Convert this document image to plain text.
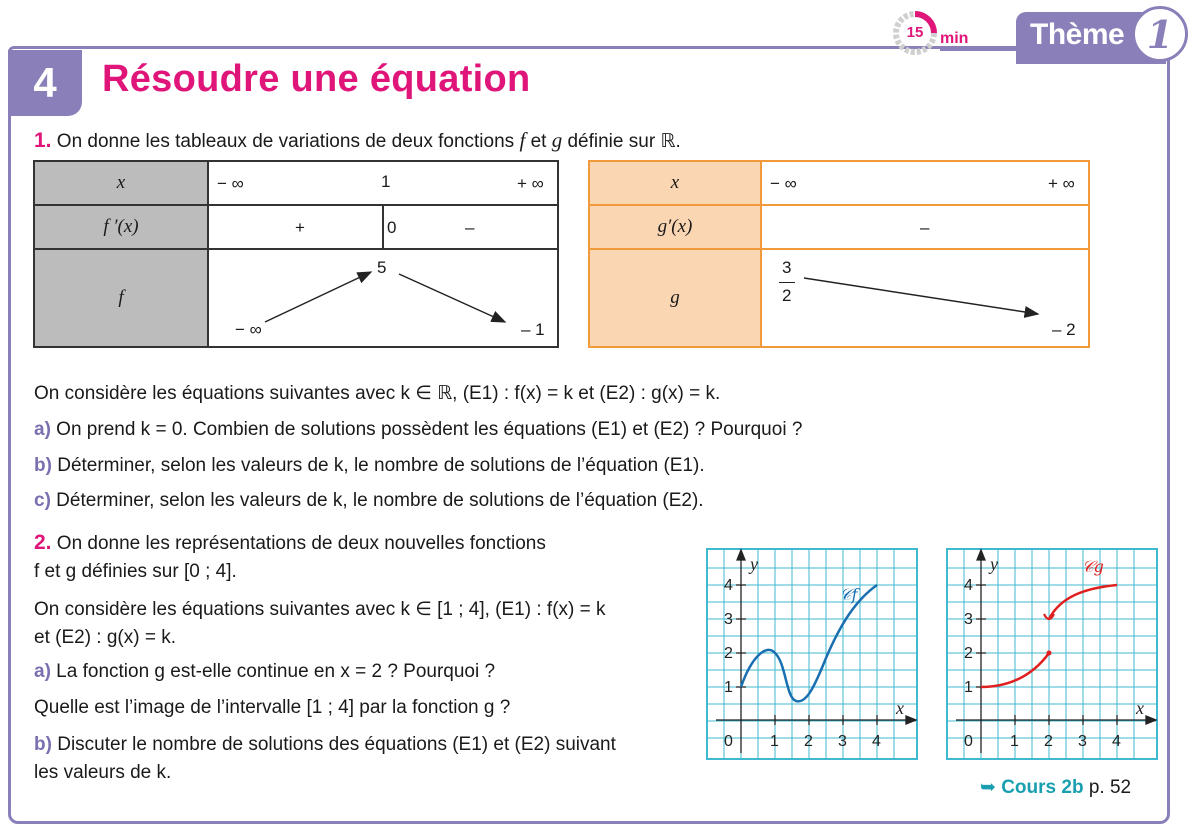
4	Résoudre une équation
15	min Thème 1
1. On donne les tableaux de variations de deux fonctions f et g définie sur ℝ.
x	− ∞ 1 + ∞

f ′(x)	+ 0 –

f	− ∞
5
– 1
x	− ∞ + ∞

g′(x)	–

g	3
2
– 2
On considère les équations suivantes avec k ∈ ℝ, (E1) : f(x) = k et (E2) : g(x) = k.
a) On prend k = 0. Combien de solutions possèdent les équations (E1) et (E2) ? Pourquoi ?
b) Déterminer, selon les valeurs de k, le nombre de solutions de l’équation (E1).
c) Déterminer, selon les valeurs de k, le nombre de solutions de l’équation (E2).
2. On donne les représentations de deux nouvelles fonctions
f et g définies sur [0 ; 4].
On considère les équations suivantes avec k ∈ [1 ; 4], (E1) : f(x) = k
et (E2) : g(x) = k.
a) La fonction g est-elle continue en x = 2 ? Pourquoi ?
Quelle est l’image de l’intervalle [1 ; 4] par la fonction g ?
b) Discuter le nombre de solutions des équations (E1) et (E2) suivant
les valeurs de k.
y
x
0
4
3
2
1
1 2 3 4
𝒞f
y
x
0
4
3
2
1
1 2 3 4
𝒞g
➥ Cours 2b p. 52
